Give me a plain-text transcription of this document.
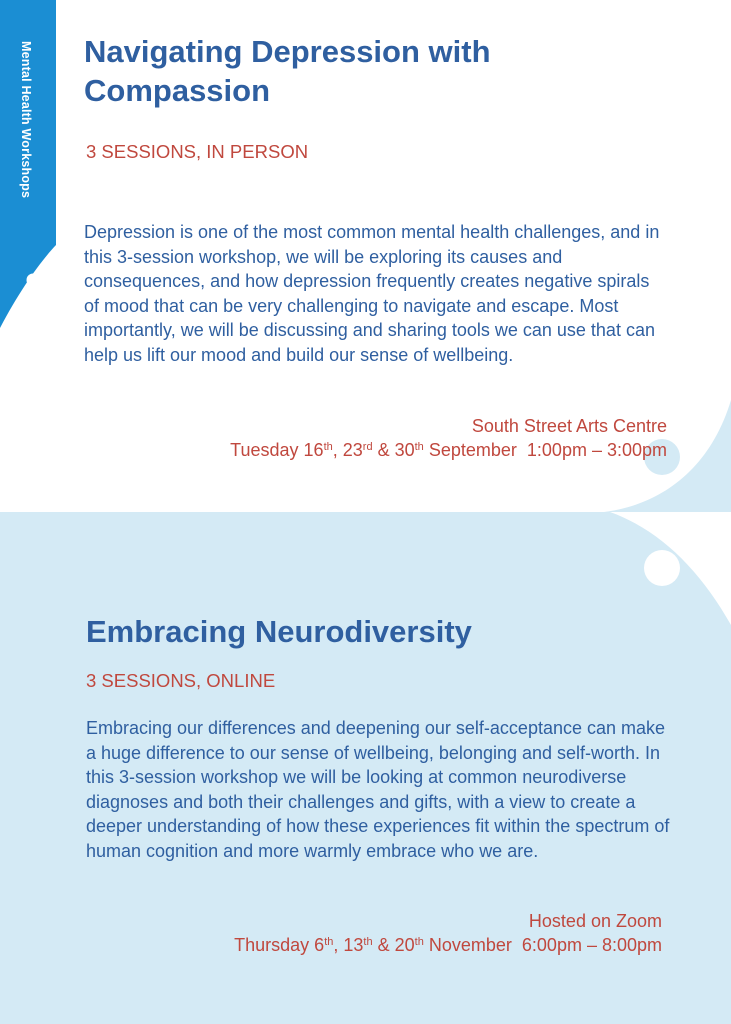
Mental Health Workshops Navigating Depression with Compassion

3 SESSIONS, IN PERSON

Depression is one of the most common mental health challenges, and in this 3-session workshop, we will be exploring its causes and consequences, and how depression frequently creates negative spirals of mood that can be very challenging to navigate and escape. Most importantly, we will be discussing and sharing tools we can use that can help us lift our mood and build our sense of wellbeing.

South Street Arts Centre

Tuesday 16th, 23rd & 30th September 1:00pm – 3:00pm

Embracing Neurodiversity

3 SESSIONS, ONLINE

Embracing our differences and deepening our self-acceptance can make a huge difference to our sense of wellbeing, belonging and self-worth. In this 3-session workshop we will be looking at common neurodiverse diagnoses and both their challenges and gifts, with a view to create a deeper understanding of how these experiences fit within the spectrum of human cognition and more warmly embrace who we are.

Hosted on Zoom

Thursday 6th, 13th & 20th November 6:00pm – 8:00pm
